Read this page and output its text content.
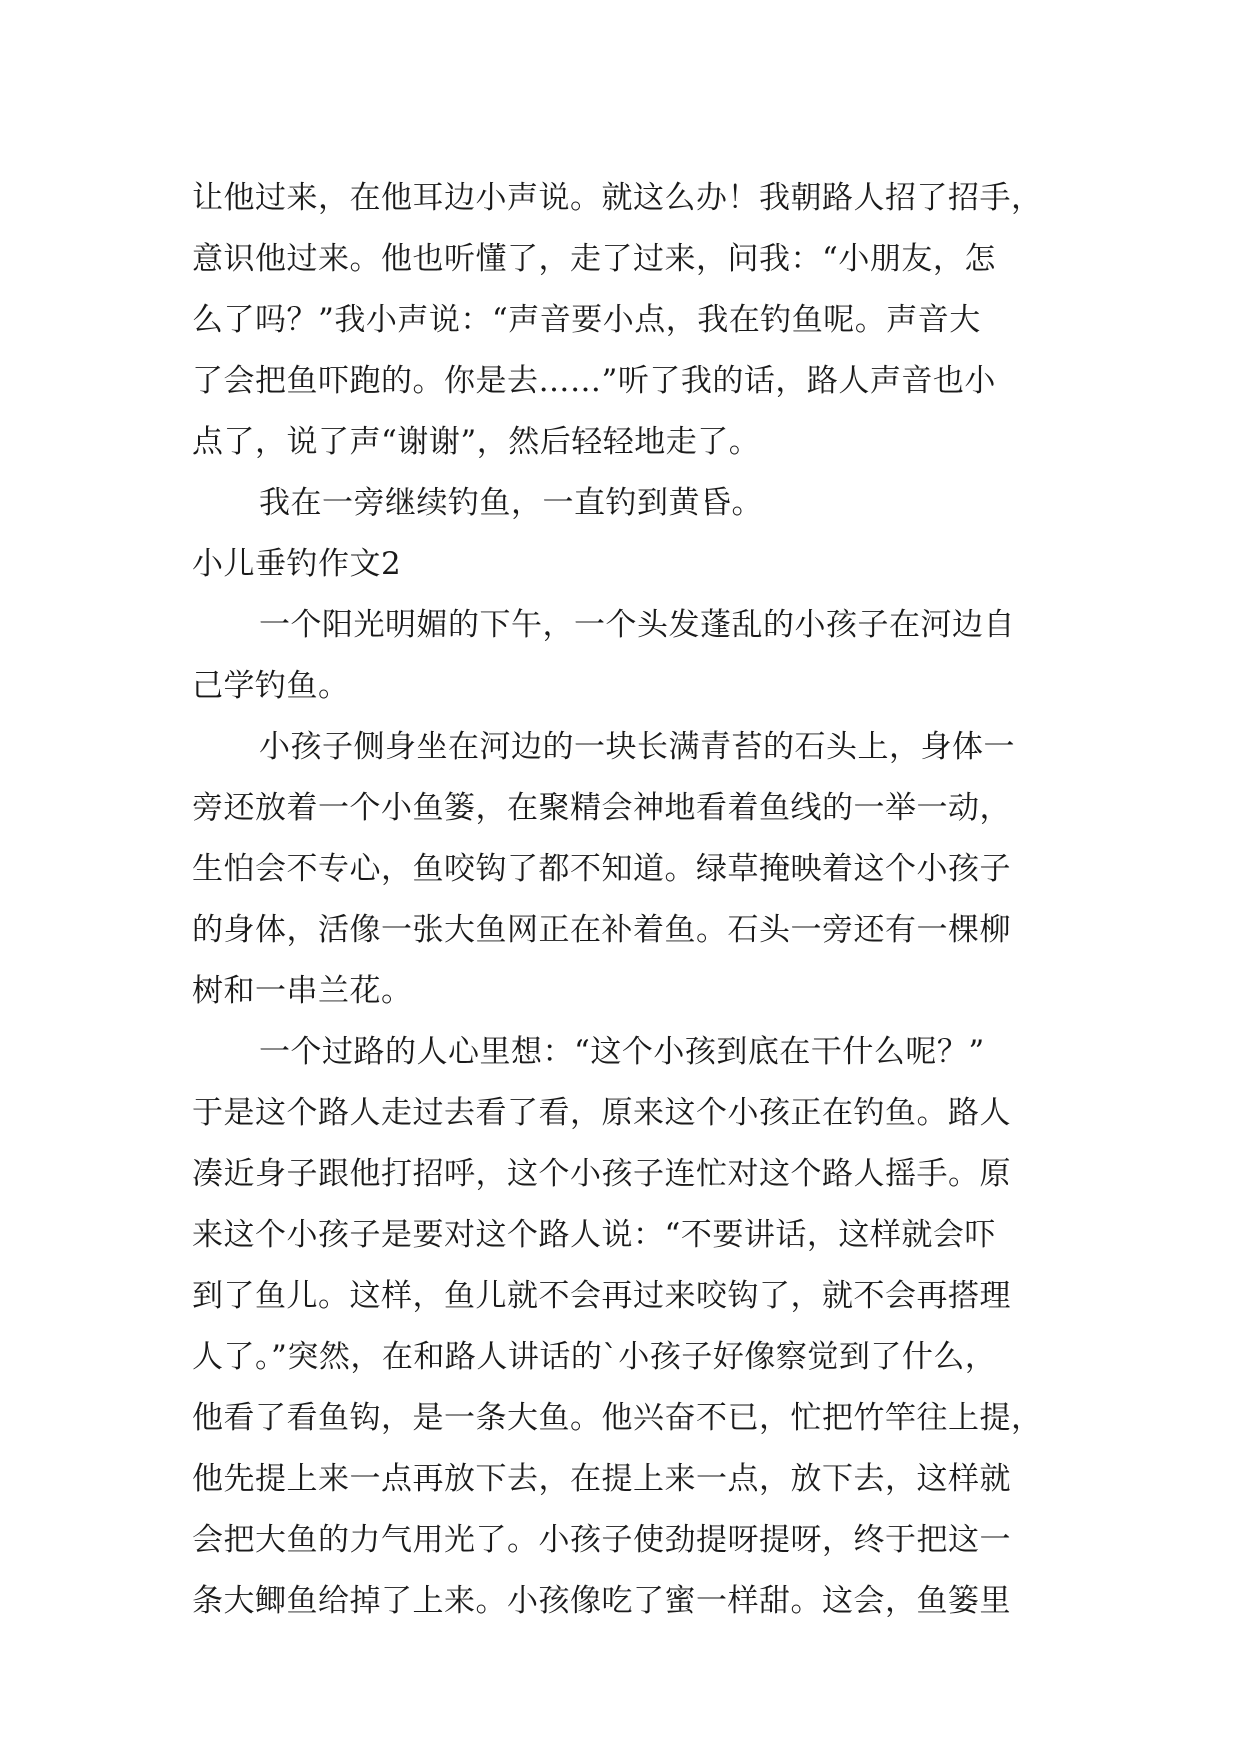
让他过来，在他耳边小声说。就这么办！我朝路人招了招手，
意识他过来。他也听懂了，走了过来，问我：“小朋友，怎
么了吗？”我小声说：“声音要小点，我在钓鱼呢。声音大
了会把鱼吓跑的。你是去……”听了我的话，路人声音也小
点了，说了声“谢谢”，然后轻轻地走了。
我在一旁继续钓鱼，一直钓到黄昏。
小儿垂钓作文2
一个阳光明媚的下午，一个头发蓬乱的小孩子在河边自
己学钓鱼。
小孩子侧身坐在河边的一块长满青苔的石头上，身体一
旁还放着一个小鱼篓，在聚精会神地看着鱼线的一举一动，
生怕会不专心，鱼咬钩了都不知道。绿草掩映着这个小孩子
的身体，活像一张大鱼网正在补着鱼。石头一旁还有一棵柳
树和一串兰花。
一个过路的人心里想：“这个小孩到底在干什么呢？”
于是这个路人走过去看了看，原来这个小孩正在钓鱼。路人
凑近身子跟他打招呼，这个小孩子连忙对这个路人摇手。原
来这个小孩子是要对这个路人说：“不要讲话，这样就会吓
到了鱼儿。这样，鱼儿就不会再过来咬钩了，就不会再搭理
人了。”突然，在和路人讲话的`小孩子好像察觉到了什么，
他看了看鱼钩，是一条大鱼。他兴奋不已，忙把竹竿往上提，
他先提上来一点再放下去，在提上来一点，放下去，这样就
会把大鱼的力气用光了。小孩子使劲提呀提呀，终于把这一
条大鲫鱼给掉了上来。小孩像吃了蜜一样甜。这会，鱼篓里
